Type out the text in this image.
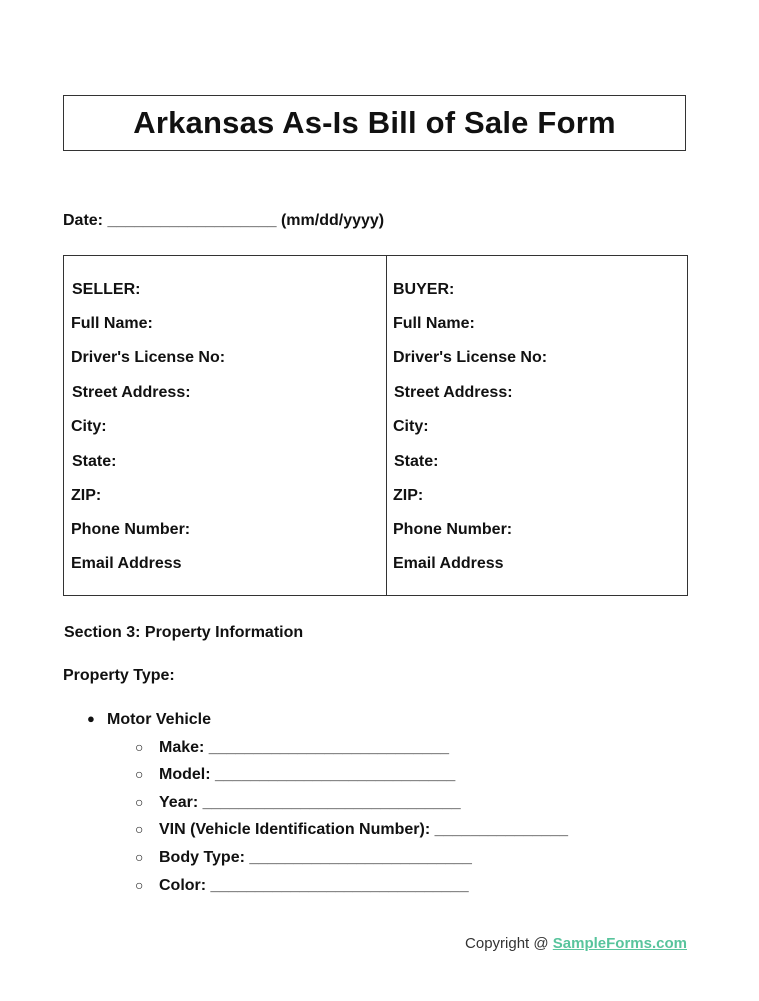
Arkansas As-Is Bill of Sale Form
Date: ___________________ (mm/dd/yyyy)
SELLER:
Full Name:
Driver's License No:
Street Address:
City:
State:
ZIP:
Phone Number:
Email Address
BUYER:
Full Name:
Driver's License No:
Street Address:
City:
State:
ZIP:
Phone Number:
Email Address
Section 3: Property Information
Property Type:
● Motor Vehicle
○ Make: ___________________________
○ Model: ___________________________
○ Year: _____________________________
○ VIN (Vehicle Identification Number): _______________
○ Body Type: _________________________
○ Color: _____________________________
Copyright @ SampleForms.com
